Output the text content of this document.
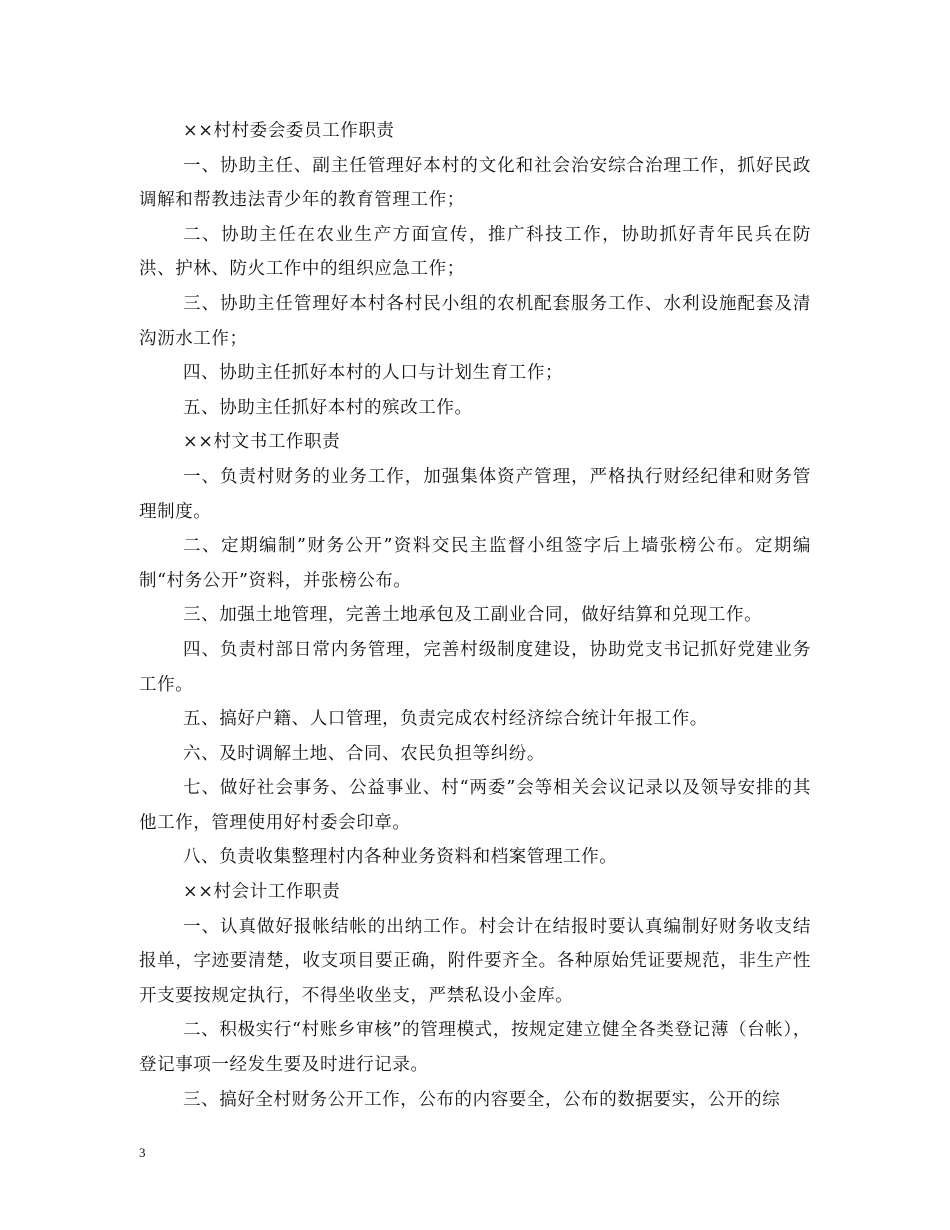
××村村委会委员工作职责

一、协助主任、副主任管理好本村的文化和社会治安综合治理工作，抓好民政调解和帮教违法青少年的教育管理工作；

二、协助主任在农业生产方面宣传，推广科技工作，协助抓好青年民兵在防洪、护林、防火工作中的组织应急工作；

三、协助主任管理好本村各村民小组的农机配套服务工作、水利设施配套及清沟沥水工作；

四、协助主任抓好本村的人口与计划生育工作；

五、协助主任抓好本村的殡改工作。

××村文书工作职责

一、负责村财务的业务工作，加强集体资产管理，严格执行财经纪律和财务管理制度。

二、定期编制”财务公开”资料交民主监督小组签字后上墙张榜公布。定期编制“村务公开”资料，并张榜公布。

三、加强土地管理，完善土地承包及工副业合同，做好结算和兑现工作。

四、负责村部日常内务管理，完善村级制度建设，协助党支书记抓好党建业务工作。

五、搞好户籍、人口管理，负责完成农村经济综合统计年报工作。

六、及时调解土地、合同、农民负担等纠纷。

七、做好社会事务、公益事业、村“两委”会等相关会议记录以及领导安排的其他工作，管理使用好村委会印章。

八、负责收集整理村内各种业务资料和档案管理工作。

××村会计工作职责

一、认真做好报帐结帐的出纳工作。村会计在结报时要认真编制好财务收支结报单，字迹要清楚，收支项目要正确，附件要齐全。各种原始凭证要规范，非生产性开支要按规定执行，不得坐收坐支，严禁私设小金库。

二、积极实行“村账乡审核”的管理模式，按规定建立健全各类登记薄（台帐），登记事项一经发生要及时进行记录。

三、搞好全村财务公开工作，公布的内容要全，公布的数据要实，公开的综

3
